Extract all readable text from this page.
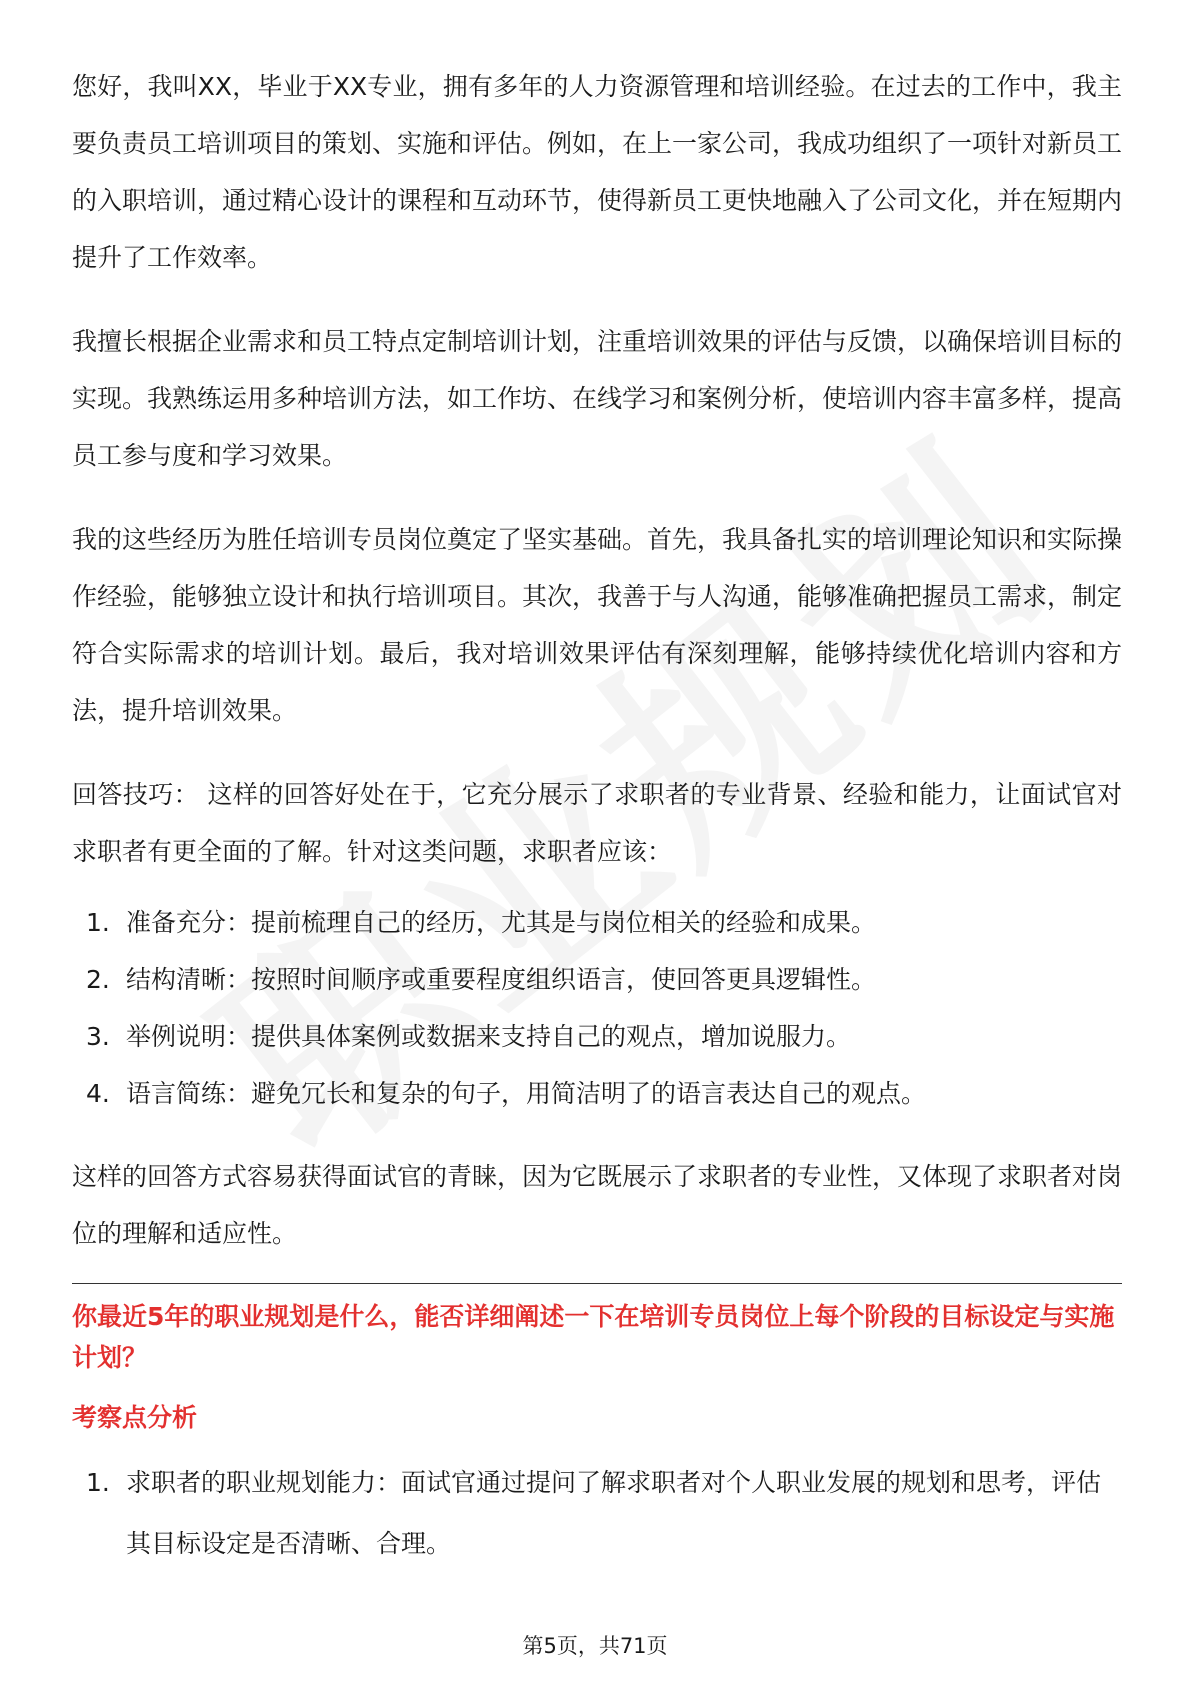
您好，我叫XX，毕业于XX专业，拥有多年的人力资源管理和培训经验。在过去的工作中，我主要负责员工培训项目的策划、实施和评估。例如，在上一家公司，我成功组织了一项针对新员工的入职培训，通过精心设计的课程和互动环节，使得新员工更快地融入了公司文化，并在短期内提升了工作效率。

我擅长根据企业需求和员工特点定制培训计划，注重培训效果的评估与反馈，以确保培训目标的实现。我熟练运用多种培训方法，如工作坊、在线学习和案例分析，使培训内容丰富多样，提高员工参与度和学习效果。

我的这些经历为胜任培训专员岗位奠定了坚实基础。首先，我具备扎实的培训理论知识和实际操作经验，能够独立设计和执行培训项目。其次，我善于与人沟通，能够准确把握员工需求，制定符合实际需求的培训计划。最后，我对培训效果评估有深刻理解，能够持续优化培训内容和方法，提升培训效果。

回答技巧： 这样的回答好处在于，它充分展示了求职者的专业背景、经验和能力，让面试官对求职者有更全面的了解。针对这类问题，求职者应该：

1. 准备充分：提前梳理自己的经历，尤其是与岗位相关的经验和成果。
2. 结构清晰：按照时间顺序或重要程度组织语言，使回答更具逻辑性。
3. 举例说明：提供具体案例或数据来支持自己的观点，增加说服力。
4. 语言简练：避免冗长和复杂的句子，用简洁明了的语言表达自己的观点。

这样的回答方式容易获得面试官的青睐，因为它既展示了求职者的专业性，又体现了求职者对岗位的理解和适应性。

你最近5年的职业规划是什么，能否详细阐述一下在培训专员岗位上每个阶段的目标设定与实施计划？
考察点分析
1. 求职者的职业规划能力：面试官通过提问了解求职者对个人职业发展的规划和思考，评估其目标设定是否清晰、合理。
第5页，共71页
